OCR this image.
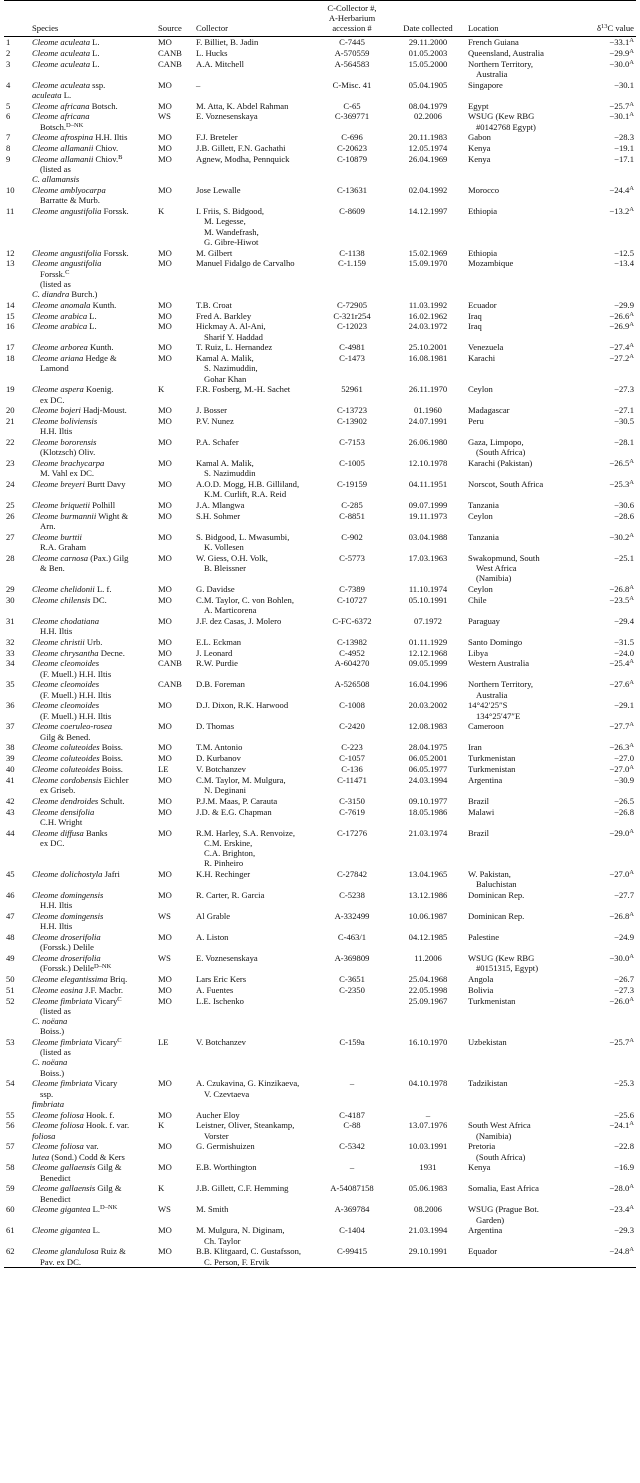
	Species	Source	Collector	C-Collector #,
A-Herbarium
accession #	Date collected	Location	$\delta^{13}C$ value
1	Cleome aculeata L.	MO	F. Billiet, B. Jadin	C-7445	29.11.2000	French Guiana	$-33.1^A$
2	Cleome aculeata L.	CANB	L. Hucks	A-570559	01.05.2003	Queensland, Australia	$-29.9^A$
3	Cleome aculeata L.	CANB	A.A. Mitchell	A-564583	15.05.2000	Northern Territory,
Australia	$-30.0^A$
4	Cleome aculeata ssp.
aculeata L.	MO	–	C-Misc. 41	05.04.1905	Singapore	−30.1
5	Cleome africana Botsch.	MO	M. Atta, K. Abdel Rahman	C-65	08.04.1979	Egypt	$-25.7^A$
6	Cleome africana
Botsch.$^{D-NK}$	WS	E. Voznesenskaya	C-369771	02.2006	WSUG (Kew RBG
#0142768 Egypt)	$-30.1^A$
7	Cleome afrospina H.H. Iltis	MO	F.J. Breteler	C-696	20.11.1983	Gabon	−28.3
8	Cleome allamanii Chiov.	MO	J.B. Gillett, F.N. Gachathi	C-20623	12.05.1974	Kenya	−19.1
9	Cleome allamanii Chiov.$^B$
(listed as
C. allamansis	MO	Agnew, Modha, Pennquick	C-10879	26.04.1969	Kenya	−17.1
10	Cleome amblyocarpa
Barratte & Murb.	MO	Jose Lewalle	C-13631	02.04.1992	Morocco	$-24.4^A$
11	Cleome angustifolia Forssk.	K	I. Friis, S. Bidgood,
M. Legesse,
M. Wandefrash,
G. Gibre-Hiwot	C-8609	14.12.1997	Ethiopia	$-13.2^A$
12	Cleome angustifolia Forssk.	MO	M. Gilbert	C-1138	15.02.1969	Ethiopia	−12.5
13	Cleome angustifolia
Forssk.$^C$
(listed as
C. diandra Burch.)	MO	Manuel Fidalgo de Carvalho	C-1.159	15.09.1970	Mozambique	−13.4
14	Cleome anomala Kunth.	MO	T.B. Croat	C-72905	11.03.1992	Ecuador	−29.9
15	Cleome arabica L.	MO	Fred A. Barkley	C-321r254	16.02.1962	Iraq	$-26.6^A$
16	Cleome arabica L.	MO	Hickmay A. Al-Ani,
Sharif Y. Haddad	C-12023	24.03.1972	Iraq	$-26.9^A$
17	Cleome arborea Kunth.	MO	T. Ruiz, L. Hernandez	C-4981	25.10.2001	Venezuela	$-27.4^A$
18	Cleome ariana Hedge &
Lamond	MO	Kamal A. Malik,
S. Nazimuddin,
Gohar Khan	C-1473	16.08.1981	Karachi	$-27.2^A$
19	Cleome aspera Koenig.
ex DC.	K	F.R. Fosberg, M.-H. Sachet	52961	26.11.1970	Ceylon	−27.3
20	Cleome bojeri Hadj-Moust.	MO	J. Bosser	C-13723	01.1960	Madagascar	−27.1
21	Cleome boliviensis
H.H. Iltis	MO	P.V. Nunez	C-13902	24.07.1991	Peru	−30.5
22	Cleome bororensis
(Klotzsch) Oliv.	MO	P.A. Schafer	C-7153	26.06.1980	Gaza, Limpopo,
(South Africa)	−28.1
23	Cleome brachycarpa
M. Vahl ex DC.	MO	Kamal A. Malik,
S. Nazimuddin	C-1005	12.10.1978	Karachi (Pakistan)	$-26.5^A$
24	Cleome breyeri Burtt Davy	MO	A.O.D. Mogg, H.B. Gilliland,
K.M. Curlift, R.A. Reid	C-19159	04.11.1951	Norscot, South Africa	$-25.3^A$
25	Cleome briquetii Polhill	MO	J.A. Mlangwa	C-285	09.07.1999	Tanzania	−30.6
26	Cleome burmannii Wight &
Arn.	MO	S.H. Sohmer	C-8851	19.11.1973	Ceylon	−28.6
27	Cleome burttii
R.A. Graham	MO	S. Bidgood, L. Mwasumbi,
K. Vollesen	C-902	03.04.1988	Tanzania	$-30.2^A$
28	Cleome carnosa (Pax.) Gilg
& Ben.	MO	W. Giess, O.H. Volk,
B. Bleissner	C-5773	17.03.1963	Swakopmund, South
West Africa
(Namibia)	−25.1
29	Cleome chelidonii L. f.	MO	G. Davidse	C-7389	11.10.1974	Ceylon	$-26.8^A$
30	Cleome chilensis DC.	MO	C.M. Taylor, C. von Bohlen,
A. Marticorena	C-10727	05.10.1991	Chile	$-23.5^A$
31	Cleome chodatiana
H.H. Iltis	MO	J.F. dez Casas, J. Molero	C-FC-6372	07.1972	Paraguay	−29.4
32	Cleome christii Urb.	MO	E.L. Eckman	C-13982	01.11.1929	Santo Domingo	−31.5
33	Cleome chrysantha Decne.	MO	J. Leonard	C-4952	12.12.1968	Libya	−24.0
34	Cleome cleomoides
(F. Muell.) H.H. Iltis	CANB	R.W. Purdie	A-604270	09.05.1999	Western Australia	$-25.4^A$
35	Cleome cleomoides
(F. Muell.) H.H. Iltis	CANB	D.B. Foreman	A-526508	16.04.1996	Northern Territory,
Australia	$-27.6^A$
36	Cleome cleomoides
(F. Muell.) H.H. Iltis	MO	D.J. Dixon, R.K. Harwood	C-1008	20.03.2002	14°42′25″S
134°25′47″E	−29.1
37	Cleome coeruleo-rosea
Gilg & Bened.	MO	D. Thomas	C-2420	12.08.1983	Cameroon	$-27.7^A$
38	Cleome coluteoides Boiss.	MO	T.M. Antonio	C-223	28.04.1975	Iran	$-26.3^A$
39	Cleome coluteoides Boiss.	MO	D. Kurbanov	C-1057	06.05.2001	Turkmenistan	−27.0
40	Cleome coluteoides Boiss.	LE	V. Botchanzev	C-136	06.05.1977	Turkmenistan	$-27.0^A$
41	Cleome cordobensis Eichler
ex Griseb.	MO	C.M. Taylor, M. Mulgura,
N. Deginani	C-11471	24.03.1994	Argentina	−30.9
42	Cleome dendroides Schult.	MO	P.J.M. Maas, P. Carauta	C-3150	09.10.1977	Brazil	−26.5
43	Cleome densifolia
C.H. Wright	MO	J.D. & E.G. Chapman	C-7619	18.05.1986	Malawi	−26.8
44	Cleome diffusa Banks
ex DC.	MO	R.M. Harley, S.A. Renvoize,
C.M. Erskine,
C.A. Brighton,
R. Pinheiro	C-17276	21.03.1974	Brazil	$-29.0^A$
45	Cleome dolichostyla Jafri	MO	K.H. Rechinger	C-27842	13.04.1965	W. Pakistan,
Baluchistan	$-27.0^A$
46	Cleome domingensis
H.H. Iltis	MO	R. Carter, R. Garcia	C-5238	13.12.1986	Dominican Rep.	−27.7
47	Cleome domingensis
H.H. Iltis	WS	Al Grable	A-332499	10.06.1987	Dominican Rep.	$-26.8^A$
48	Cleome droserifolia
(Forssk.) Delile	MO	A. Liston	C-463/1	04.12.1985	Palestine	−24.9
49	Cleome droserifolia
(Forssk.) Delile$^{D-NK}$	WS	E. Voznesenskaya	A-369809	11.2006	WSUG (Kew RBG
#0151315, Egypt)	$-30.0^A$
50	Cleome elegantissima Briq.	MO	Lars Eric Kers	C-3651	25.04.1968	Angola	−26.7
51	Cleome eosina J.F. Macbr.	MO	A. Fuentes	C-2350	22.05.1998	Bolivia	−27.3
52	Cleome fimbriata Vicary$^C$
(listed as
C. noëana
Boiss.)	MO	L.E. Ischenko		25.09.1967	Turkmenistan	$-26.0^A$
53	Cleome fimbriata Vicary$^C$
(listed as
C. noëana
Boiss.)	LE	V. Botchanzev	C-159a	16.10.1970	Uzbekistan	$-25.7^A$
54	Cleome fimbriata Vicary
ssp.
fimbriata	MO	A. Czukavina, G. Kinzikaeva,
V. Czevtaeva	–	04.10.1978	Tadzikistan	−25.3
55	Cleome foliosa Hook. f.	MO	Aucher Eloy	C-4187	–		−25.6
56	Cleome foliosa Hook. f. var.
foliosa	K	Leistner, Oliver, Steankamp,
Vorster	C-88	13.07.1976	South West Africa
(Namibia)	$-24.1^A$
57	Cleome foliosa var.
lutea (Sond.) Codd & Kers	MO	G. Germishuizen	C-5342	10.03.1991	Pretoria
(South Africa)	−22.8
58	Cleome gallaensis Gilg &
Benedict	MO	E.B. Worthington	–	1931	Kenya	−16.9
59	Cleome gallaensis Gilg &
Benedict	K	J.B. Gillett, C.F. Hemming	A-54087158	05.06.1983	Somalia, East Africa	$-28.0^A$
60	Cleome gigantea L.$^{D-NK}$	WS	M. Smith	A-369784	08.2006	WSUG (Prague Bot.
Garden)	$-23.4^A$
61	Cleome gigantea L.	MO	M. Mulgura, N. Diginam,
Ch. Taylor	C-1404	21.03.1994	Argentina	−29.3
62	Cleome glandulosa Ruiz &
Pav. ex DC.	MO	B.B. Klitgaard, C. Gustafsson,
C. Person, F. Ervik	C-99415	29.10.1991	Equador	$-24.8^A$
